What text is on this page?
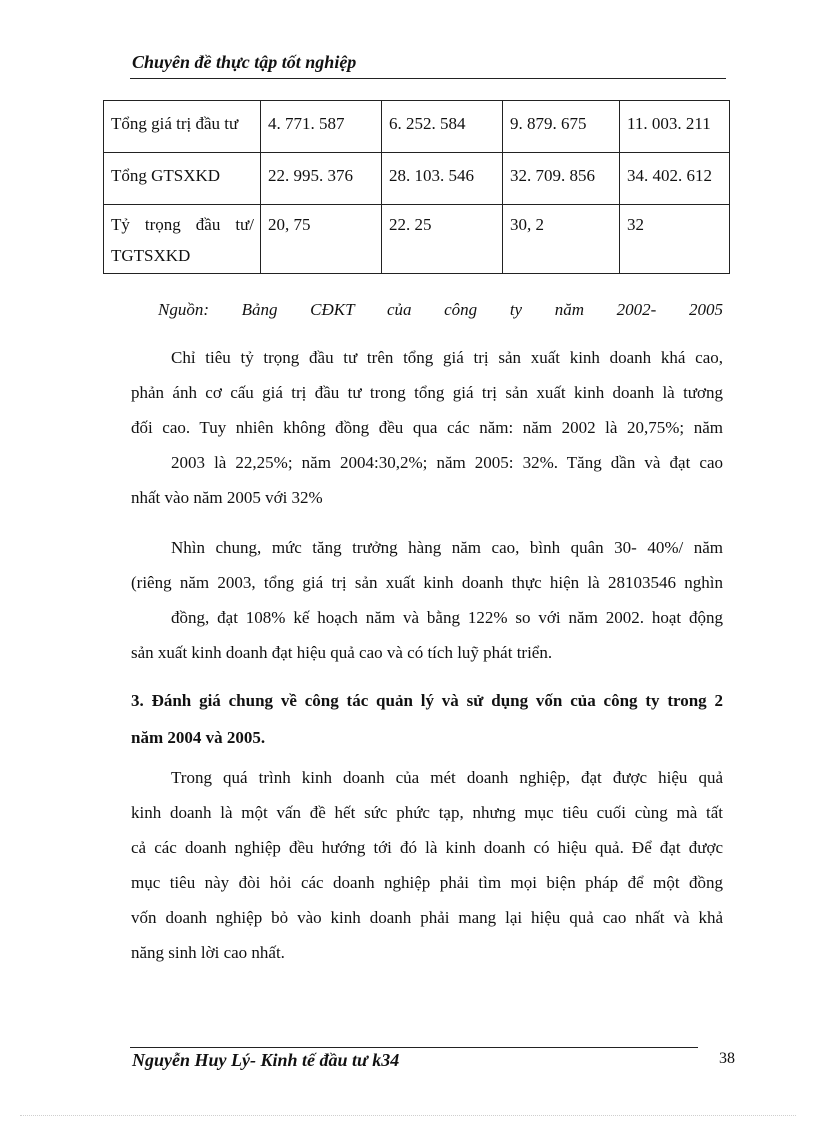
Chuyên đề thực tập tốt nghiệp
Tổng giá trị đầu tư	4. 771. 587	6. 252. 584	9. 879. 675	11. 003. 211
Tổng GTSXKD	22. 995. 376	28. 103. 546	32. 709. 856	34. 402. 612

Tỷ trọng đầu tư/
TGTSXKD	20, 75	22. 25	30, 2	32
Nguồn: Bảng CĐKT của công ty năm 2002- 2005
Chỉ tiêu tỷ trọng đầu tư trên tổng giá trị sản xuất kinh doanh khá cao,
phản ánh cơ cấu giá trị đầu tư trong tổng giá trị sản xuất kinh doanh là tương
đối cao. Tuy nhiên không đồng đều qua các năm: năm 2002 là 20,75%; năm
2003 là 22,25%; năm 2004:30,2%; năm 2005: 32%. Tăng dần và đạt cao
nhất vào năm 2005 với 32%
Nhìn chung, mức tăng trưởng hàng năm cao, bình quân 30- 40%/ năm
(riêng năm 2003, tổng giá trị sản xuất kinh doanh thực hiện là 28103546 nghìn
đồng, đạt 108% kế hoạch năm và bằng 122% so với năm 2002. hoạt động
sản xuất kinh doanh đạt hiệu quả cao và có tích luỹ phát triển.
3. Đánh giá chung về công tác quản lý và sử dụng vốn của công ty trong 2
năm 2004 và 2005.
Trong quá trình kinh doanh của mét doanh nghiệp, đạt được hiệu quả
kinh doanh là một vấn đề hết sức phức tạp, nhưng mục tiêu cuối cùng mà tất
cả các doanh nghiệp đều hướng tới đó là kinh doanh có hiệu quả. Để đạt được
mục tiêu này đòi hỏi các doanh nghiệp phải tìm mọi biện pháp để một đồng
vốn doanh nghiệp bỏ vào kinh doanh phải mang lại hiệu quả cao nhất và khả
năng sinh lời cao nhất.
Nguyễn Huy Lý- Kinh tế đầu tư k34	38
